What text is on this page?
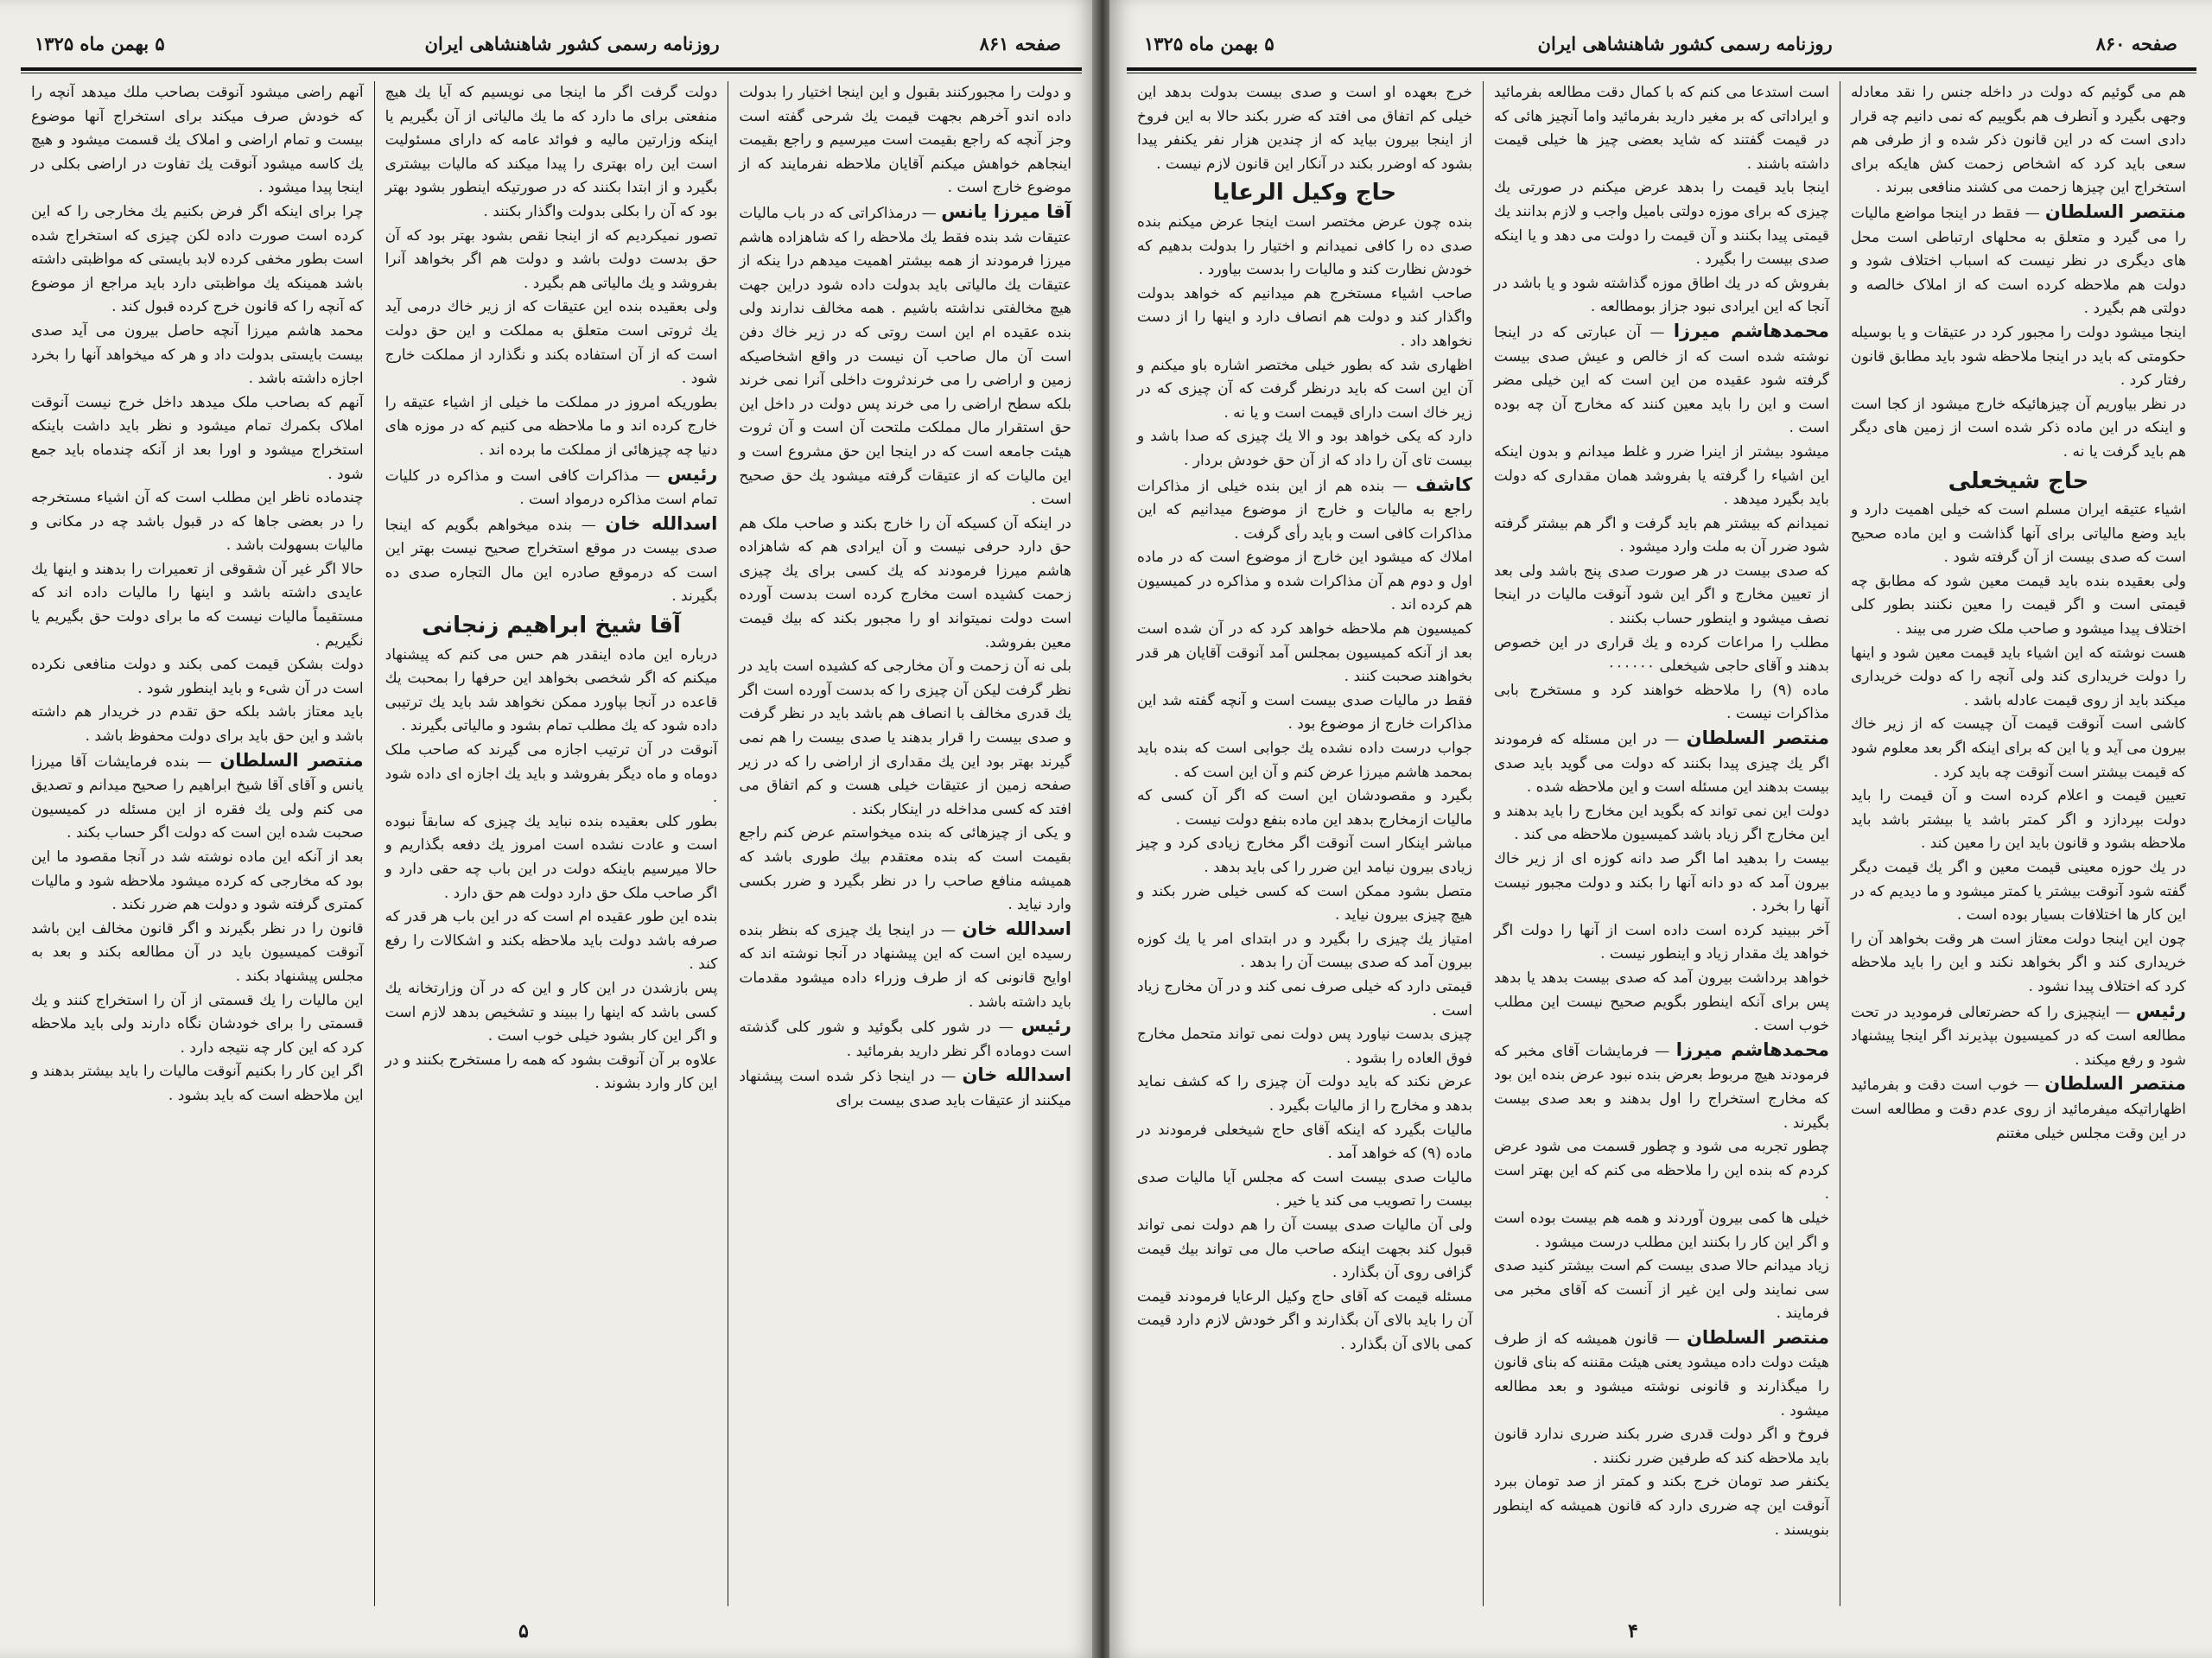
صفحه ۸۶۱
روزنامه رسمی کشور شاهنشاهی ایران
۵ بهمن ماه ۱۳۲۵

و دولت را مجبورکنند بقبول و این اینجا اختیار را بدولت داده اندو آخرهم بجهت قیمت یك شرحی گفته است وجز آنچه که راجع بقیمت است میرسیم و راجع بقیمت اینجاهم خواهش میکنم آقایان ملاحظه نفرمایند که از موضوع خارج است .

آقا میرزا یانس — درمذاکراتی که در باب مالیات عتیقات شد بنده فقط یك ملاحظه را که شاهزاده هاشم میرزا فرمودند از همه بیشتر اهمیت میدهم درا ینکه از عتیقات یك مالیاتی باید بدولت داده شود دراین جهت هیچ مخالفتی نداشته باشیم . همه مخالف ندارند ولی بنده عقیده ام این است روتی که در زیر خاك دفن است آن مال صاحب آن نیست در واقع اشخاصیکه زمین و اراضی را می خرندثروت داخلی آنرا نمی خرند بلکه سطح اراضی را می خرند پس دولت در داخل این حق استقرار مال مملکت ملتحت آن است و آن ثروت هیئت جامعه است که در اینجا این حق مشروع است و این مالیات که از عتیقات گرفته میشود یك حق صحیح است .

در اینکه آن کسیکه آن را خارج بکند و صاحب ملک هم حق دارد حرفی نیست و آن ایرادی هم که شاهزاده هاشم میرزا فرمودند که یك کسی برای یك چیزی زحمت کشیده است مخارج کرده است بدست آورده است دولت نمیتواند او را مجبور بکند که بیك قیمت معین بفروشد.

بلی نه آن زحمت و آن مخارجی که کشیده است باید در نظر گرفت لیکن آن چیزی را که بدست آورده است اگر یك قدری مخالف با انصاف هم باشد باید در نظر گرفت و صدی بیست را قرار بدهند یا صدی بیست را هم نمی گیرند بهتر بود این یك مقداری از اراضی را که در زیر صفحه زمین از عتیقات خیلی هست و کم اتفاق می افتد که کسی مداخله در اینکار بکند .

و یکی از چیزهائی که بنده میخواستم عرض کنم راجع بقیمت است که بنده معتقدم بیك طوری باشد که همیشه منافع صاحب را در نظر بگیرد و ضرر بکسی وارد نیاید .

اسدالله خان — در اینجا یك چیزی که بنظر بنده رسیده این است که این پیشنهاد در آنجا نوشته اند که اوایح قانونی که از طرف وزراء داده میشود مقدمات باید داشته باشد .

رئیس — در شور کلی بگوئید و شور کلی گذشته است دوماده اگر نظر دارید بفرمائید .

اسدالله خان — در اینجا ذکر شده است پیشنهاد میکنند از عتیقات باید صدی بیست برای

دولت گرفت اگر ما اینجا می نویسیم که آیا یك هیچ منفعتی برای ما دارد که ما یك مالیاتی از آن بگیریم یا اینکه وزارتین مالیه و فوائد عامه که دارای مسئولیت است این راه بهتری را پیدا میکند که مالیات بیشتری بگیرد و از ابتدا بکنند که در صورتیکه اینطور بشود بهتر بود که آن را بکلی بدولت واگذار بکنند .

تصور نمیکردیم که از اینجا نقص بشود بهتر بود که آن حق بدست دولت باشد و دولت هم اگر بخواهد آنرا بفروشد و یك مالیاتی هم بگیرد .

ولی بعقیده بنده این عتیقات که از زیر خاك درمی آید یك ثروتی است متعلق به مملکت و این حق دولت است که از آن استفاده بکند و نگذارد از مملکت خارج شود .

بطوریکه امروز در مملکت ما خیلی از اشیاء عتیقه را خارج کرده اند و ما ملاحظه می کنیم که در موزه های دنیا چه چیزهائی از مملکت ما برده اند .

رئیس — مذاکرات کافی است و مذاکره در کلیات تمام است مذاکره درمواد است .

اسدالله خان — بنده میخواهم بگویم که اینجا صدی بیست در موقع استخراج صحیح نیست بهتر این است که درموقع صادره این مال التجاره صدی ده بگیرند .

آقا شیخ ابراهیم زنجانی

درباره این ماده اینقدر هم حس می کنم که پیشنهاد میکنم که اگر شخصی بخواهد این حرفها را بمحبت یك قاعده در آنجا بپاورد ممکن نخواهد شد باید یك ترتیبی داده شود که یك مطلب تمام بشود و مالیاتی بگیرند .

آنوقت در آن ترتیب اجازه می گیرند که صاحب ملک دوماه و ماه دیگر بفروشد و باید یك اجازه ای داده شود .

بطور کلی بعقیده بنده نباید یك چیزی که سابقاً نبوده است و عادت نشده است امروز یك دفعه بگذاریم و حالا میرسیم باینکه دولت در این باب چه حقی دارد و اگر صاحب ملک حق دارد دولت هم حق دارد .

بنده این طور عقیده ام است که در این باب هر قدر که صرفه باشد دولت باید ملاحظه بکند و اشکالات را رفع کند .

پس بازشدن در این کار و این که در آن وزارتخانه یك کسی باشد که اینها را ببیند و تشخیص بدهد لازم است و اگر این کار بشود خیلی خوب است .

علاوه بر آن آنوقت بشود که همه را مستخرج بکنند و در این کار وارد بشوند .

آنهم راضی میشود آنوقت بصاحب ملك میدهد آنچه را که خودش صرف میکند برای استخراج آنها موضوع بیست و تمام اراضی و املاک یك قسمت میشود و هیچ یك کاسه میشود آنوقت یك تفاوت در اراضی بکلی در اینجا پیدا میشود .

چرا برای اینکه اگر فرض بکنیم یك مخارجی را که این کرده است صورت داده لکن چیزی که استخراج شده است بطور مخفی کرده لابد بایستی که مواظبتی داشته باشد همینکه یك مواظبتی دارد باید مراجع از موضوع که آنچه را که قانون خرج کرده قبول کند .

محمد هاشم میرزا آنچه حاصل بیرون می آید صدی بیست بایستی بدولت داد و هر که میخواهد آنها را بخرد اجازه داشته باشد .

آنهم که بصاحب ملک میدهد داخل خرج نیست آنوقت املاک بکمرك تمام میشود و نظر باید داشت باینکه استخراج میشود و اورا بعد از آنکه چندماه باید جمع شود .

چندماده ناظر این مطلب است که آن اشیاء مستخرجه را در بعضی جاها که در قبول باشد چه در مکانی و مالیات بسهولت باشد .

حالا اگر غیر آن شقوقی از تعمیرات را بدهند و اینها یك عایدی داشته باشد و اینها را مالیات داده اند که مستقیماً مالیات نیست که ما برای دولت حق بگیریم یا نگیریم .

دولت بشکن قیمت کمی بکند و دولت منافعی نکرده است در آن شیء و باید اینطور شود .

باید معتاز باشد بلکه حق تقدم در خریدار هم داشته باشد و این حق باید برای دولت محفوظ باشد .

منتصر السلطان — بنده فرمایشات آقا میرزا یانس و آقای آقا شیخ ابراهیم را صحیح میدانم و تصدیق می کنم ولی یك فقره از این مسئله در کمیسیون صحبت شده این است که دولت اگر حساب بکند .

بعد از آنکه این ماده نوشته شد در آنجا مقصود ما این بود که مخارجی که کرده میشود ملاحظه شود و مالیات کمتری گرفته شود و دولت هم ضرر نکند .

قانون را در نظر بگیرند و اگر قانون مخالف این باشد آنوقت کمیسیون باید در آن مطالعه بکند و بعد به مجلس پیشنهاد بکند .

این مالیات را یك قسمتی از آن را استخراج کنند و یك قسمتی را برای خودشان نگاه دارند ولی باید ملاحظه کرد که این کار چه نتیجه دارد .

اگر این کار را بکنیم آنوقت مالیات را باید بیشتر بدهند و این ملاحظه است که باید بشود .

۵
صفحه ۸۶۰
روزنامه رسمی کشور شاهنشاهی ایران
۵ بهمن ماه ۱۳۲۵

هم می گوئیم که دولت در داخله جنس را نقد معادله وجهی بگیرد و آنطرف هم بگوییم که نمی دانیم چه قرار دادی است که در این قانون ذکر شده و از طرفی هم سعی باید کرد که اشخاص زحمت کش هایکه برای استخراج این چیزها زحمت می کشند منافعی ببرند .

منتصر السلطان — فقط در اینجا مواضع مالیات را می گیرد و متعلق به محلهای ارتباطی است محل های دیگری در نظر نیست که اسباب اختلاف شود و دولت هم ملاحظه کرده است که از املاک خالصه و دولتی هم بگیرد .

اینجا میشود دولت را مجبور کرد در عتیقات و یا بوسیله حکومتی که باید در اینجا ملاحظه شود باید مطابق قانون رفتار کرد .

در نظر بیاوریم آن چیزهائیکه خارج میشود از کجا است و اینکه در این ماده ذکر شده است از زمین های دیگر هم باید گرفت یا نه .

حاج شیخعلی

اشیاء عتیقه ایران مسلم است که خیلی اهمیت دارد و باید وضع مالیاتی برای آنها گذاشت و این ماده صحیح است که صدی بیست از آن گرفته شود .

ولی بعقیده بنده باید قیمت معین شود که مطابق چه قیمتی است و اگر قیمت را معین نکنند بطور کلی اختلاف پیدا میشود و صاحب ملک ضرر می بیند .

هست نوشته که این اشیاء باید قیمت معین شود و اینها را دولت خریداری کند ولی آنچه را که دولت خریداری میکند باید از روی قیمت عادله باشد .

کاشی است آنوقت قیمت آن چیست که از زیر خاك بیرون می آید و یا این که برای اینکه اگر بعد معلوم شود که قیمت بیشتر است آنوقت چه باید کرد .

تعیین قیمت و اعلام کرده است و آن قیمت را باید دولت بپردازد و اگر کمتر باشد یا بیشتر باشد باید ملاحظه بشود و قانون باید این را معین کند .

در یك حوزه معینی قیمت معین و اگر یك قیمت دیگر گفته شود آنوقت بیشتر یا کمتر میشود و ما دیدیم که در این کار ها اختلافات بسیار بوده است .

چون این اینجا دولت معتاز است هر وقت بخواهد آن را خریداری کند و اگر بخواهد نکند و این را باید ملاحظه کرد که اختلاف پیدا نشود .

رئیس — اینچیزی را که حضرتعالی فرمودید در تحت مطالعه است که در کمیسیون بپذیرند اگر اینجا پیشنهاد شود و رفع میکند .

منتصر السلطان — خوب است دقت و بفرمائید اظهاراتیکه میفرمائید از روی عدم دقت و مطالعه است در این وقت مجلس خیلی مغتنم

است استدعا می کنم که با کمال دقت مطالعه بفرمائید و ایراداتی که بر مغیر دارید بفرمائید واما آنچیز هائی که در قیمت گفتند که شاید بعضی چیز ها خیلی قیمت داشته باشند .

اینجا باید قیمت را بدهد عرض میکنم در صورتی یك چیزی که برای موزه دولتی بامیل واجب و لازم بدانند یك قیمتی پیدا بکنند و آن قیمت را دولت می دهد و یا اینکه صدی بیست را بگیرد .

بفروش که در یك اطاق موزه گذاشته شود و یا باشد در آنجا که این ایرادی نبود جزاز بومطالعه .

محمدهاشم میرزا — آن عبارتی که در اینجا نوشته شده است که از خالص و عیش صدی بیست گرفته شود عقیده من این است که این خیلی مضر است و این را باید معین کنند که مخارج آن چه بوده است .

میشود بیشتر از اینرا ضرر و غلط میدانم و بدون اینکه این اشیاء را گرفته یا بفروشد همان مقداری که دولت باید بگیرد میدهد .

نمیدانم که بیشتر هم باید گرفت و اگر هم بیشتر گرفته شود ضرر آن به ملت وارد میشود .

که صدی بیست در هر صورت صدی پنج باشد ولی بعد از تعیین مخارج و اگر این شود آنوقت مالیات در اینجا نصف میشود و اینطور حساب بکنند .

مطلب را مراعات کرده و یك قراری در این خصوص بدهند و آقای حاجی شیخعلی ٠٠٠٠٠٠

ماده (۹) را ملاحظه خواهند کرد و مستخرج بابی مذاکرات نیست .

منتصر السلطان — در این مسئله که فرمودند اگر یك چیزی پیدا بکنند که دولت می گوید باید صدی بیست بدهند این مسئله است و این ملاحظه شده .

دولت این نمی تواند که بگوید این مخارج را باید بدهند و این مخارج اگر زیاد باشد کمیسیون ملاحظه می کند .

بیست را بدهید اما اگر صد دانه کوزه ای از زیر خاك بیرون آمد که دو دانه آنها را بکند و دولت مجبور نیست آنها را بخرد .

آخر ببینید کرده است داده است از آنها را دولت اگر خواهد یك مقدار زیاد و اینطور نیست .

خواهد برداشت بیرون آمد که صدی بیست بدهد یا بدهد پس برای آنکه اینطور بگویم صحیح نیست این مطلب خوب است .

محمدهاشم میرزا — فرمایشات آقای مخبر که فرمودند هیچ مربوط بعرض بنده نبود عرض بنده این بود که مخارج استخراج را اول بدهند و بعد صدی بیست بگیرند .

چطور تجربه می شود و چطور قسمت می شود عرض کردم که بنده این را ملاحظه می کنم که این بهتر است .

خیلی ها کمی بیرون آوردند و همه هم بیست بوده است و اگر این کار را بکنند این مطلب درست میشود .

زیاد میدانم حالا صدی بیست کم است بیشتر کنید صدی سی نمایند ولی این غیر از آنست که آقای مخبر می فرمایند .

منتصر السلطان — قانون همیشه که از طرف هیئت دولت داده میشود یعنی هیئت مقننه که بنای قانون را میگذارند و قانونی نوشته میشود و بعد مطالعه میشود .

فروخ و اگر دولت قدری ضرر بکند ضرری ندارد قانون باید ملاحظه کند که طرفین ضرر نکنند .

یکنفر صد تومان خرج بکند و کمتر از صد تومان ببرد آنوقت این چه ضرری دارد که قانون همیشه که اینطور بنویسند .

خرج بعهده او است و صدی بیست بدولت بدهد این خیلی کم اتفاق می افتد که ضرر بکند حالا به این فروخ از اینجا بیرون بیاید که از چندین هزار نفر یکنفر پیدا بشود که اوضرر بکند در آنکار این قانون لازم نیست .

حاج وکیل الرعایا

بنده چون عرض مختصر است اینجا عرض میکنم بنده صدی ده را کافی نمیدانم و اختیار را بدولت بدهیم که خودش نظارت کند و مالیات را بدست بیاورد .

صاحب اشیاء مستخرج هم میدانیم که خواهد بدولت واگذار کند و دولت هم انصاف دارد و اینها را از دست نخواهد داد .

اظهاری شد که بطور خیلی مختصر اشاره باو میکنم و آن این است که باید درنظر گرفت که آن چیزی که در زیر خاك است دارای قیمت است و یا نه .

دارد که یکی خواهد بود و الا یك چیزی که صدا باشد و بیست تای آن را داد که از آن حق خودش بردار .

کاشف — بنده هم از این بنده خیلی از مذاکرات راجع به مالیات و خارج از موضوع میدانیم که این مذاکرات کافی است و باید رأی گرفت .

املاك که میشود این خارج از موضوع است که در ماده اول و دوم هم آن مذاکرات شده و مذاکره در کمیسیون هم کرده اند .

کمیسیون هم ملاحظه خواهد کرد که در آن شده است بعد از آنکه کمیسیون بمجلس آمد آنوقت آقایان هر قدر بخواهند صحبت کنند .

فقط در مالیات صدی بیست است و آنچه گفته شد این مذاکرات خارج از موضوع بود .

جواب درست داده نشده یك جوابی است که بنده باید بمحمد هاشم میرزا عرض کنم و آن این است که .

بگیرد و مقصودشان این است که اگر آن کسی که مالیات ازمخارج بدهد این ماده بنفع دولت نیست .

مباشر اینکار است آنوقت اگر مخارج زیادی کرد و چیز زیادی بیرون نیامد این ضرر را کی باید بدهد .

متصل بشود ممکن است که کسی خیلی ضرر بکند و هیچ چیزی بیرون نیاید .

امتیاز یك چیزی را بگیرد و در ابتدای امر یا یك کوزه بیرون آمد که صدی بیست آن را بدهد .

قیمتی دارد که خیلی صرف نمی کند و در آن مخارج زیاد است .

چیزی بدست نیاورد پس دولت نمی تواند متحمل مخارج فوق العاده را بشود .

عرض نکند که باید دولت آن چیزی را که کشف نماید بدهد و مخارج را از مالیات بگیرد .

مالیات بگیرد که اینکه آقای حاج شیخعلی فرمودند در ماده (۹) که خواهد آمد .

مالیات صدی بیست است که مجلس آیا مالیات صدی بیست را تصویب می کند یا خیر .

ولی آن مالیات صدی بیست آن را هم دولت نمی تواند قبول کند بجهت اینکه صاحب مال می تواند بیك قیمت گزافی روی آن بگذارد .

مسئله قیمت که آقای حاج وکیل الرعایا فرمودند قیمت آن را باید بالای آن بگذارند و اگر خودش لازم دارد قیمت کمی بالای آن بگذارد .

۴
